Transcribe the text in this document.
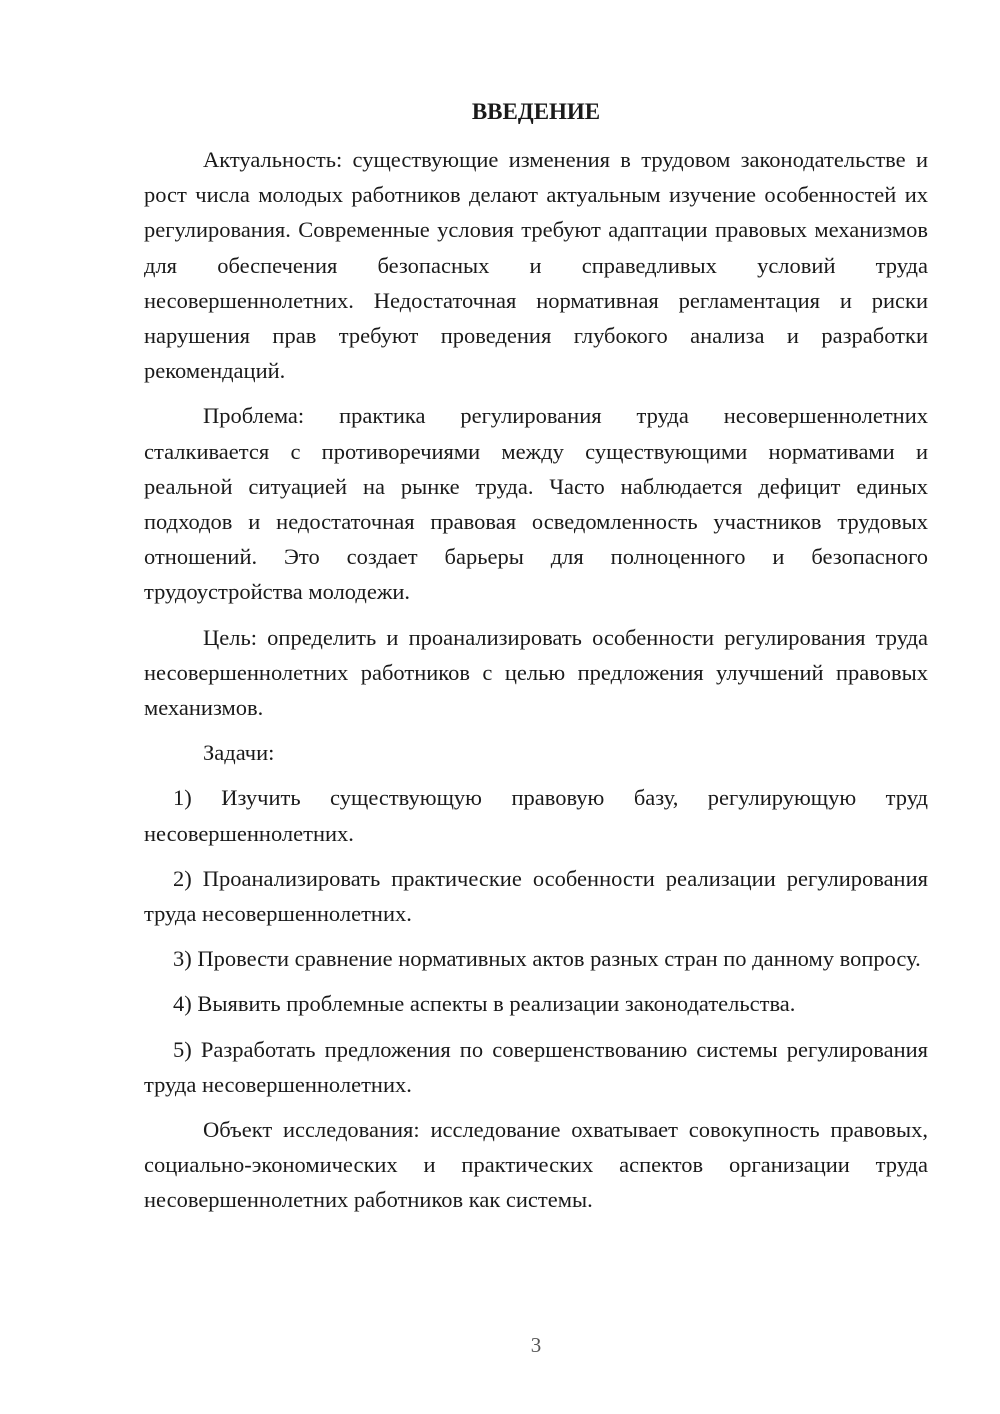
ВВЕДЕНИЕ

Актуальность: существующие изменения в трудовом законодательстве и рост числа молодых работников делают актуальным изучение особенностей их регулирования. Современные условия требуют адаптации правовых механизмов для обеспечения безопасных и справедливых условий труда несовершеннолетних. Недостаточная нормативная регламентация и риски нарушения прав требуют проведения глубокого анализа и разработки рекомендаций.

Проблема: практика регулирования труда несовершеннолетних сталкивается с противоречиями между существующими нормативами и реальной ситуацией на рынке труда. Часто наблюдается дефицит единых подходов и недостаточная правовая осведомленность участников трудовых отношений. Это создает барьеры для полноценного и безопасного трудоустройства молодежи.

Цель: определить и проанализировать особенности регулирования труда несовершеннолетних работников с целью предложения улучшений правовых механизмов.

Задачи:

1) Изучить существующую правовую базу, регулирующую труд несовершеннолетних.

2) Проанализировать практические особенности реализации регулирования труда несовершеннолетних.

3) Провести сравнение нормативных актов разных стран по данному вопросу.

4) Выявить проблемные аспекты в реализации законодательства.

5) Разработать предложения по совершенствованию системы регулирования труда несовершеннолетних.

Объект исследования: исследование охватывает совокупность правовых, социально-экономических и практических аспектов организации труда несовершеннолетних работников как системы.

3
